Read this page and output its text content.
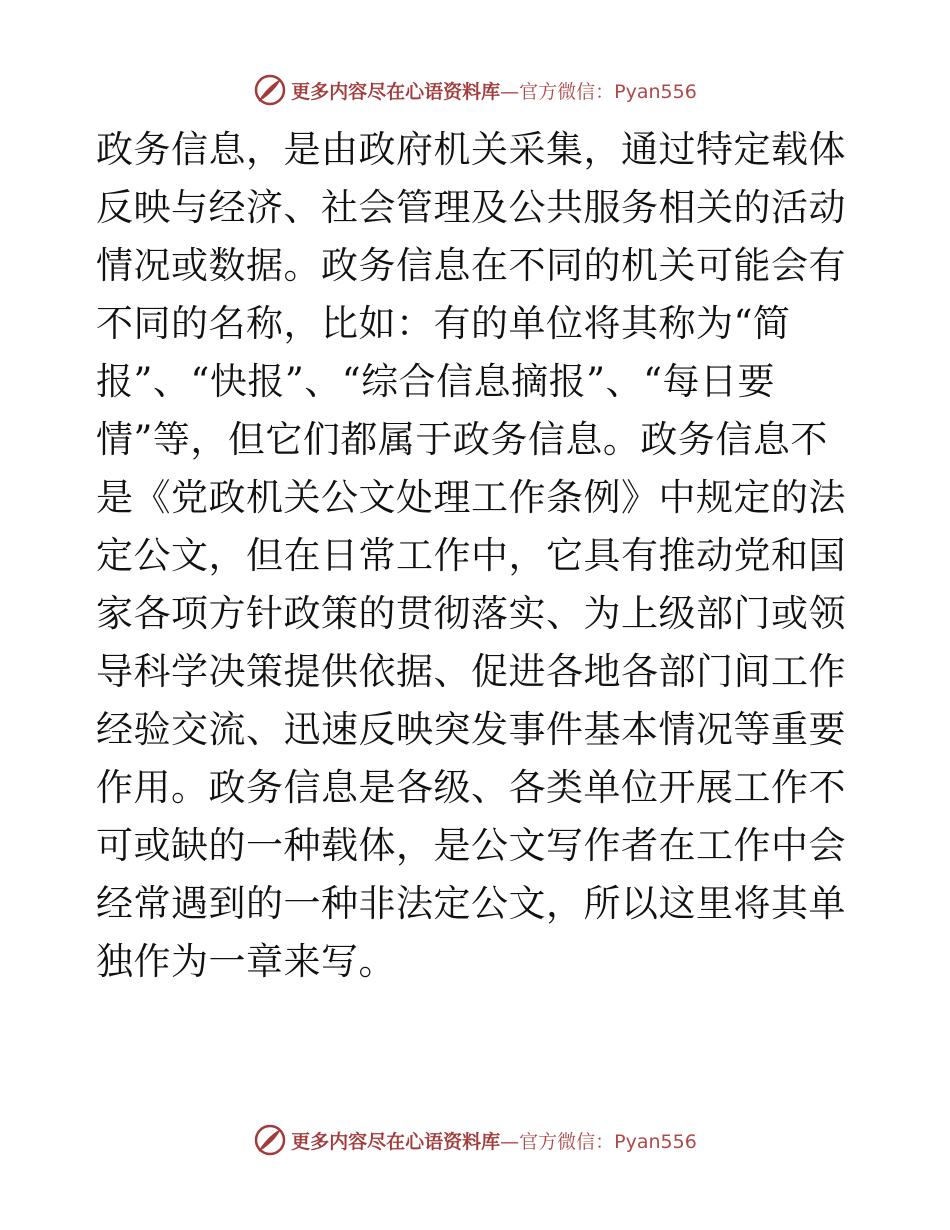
更多内容尽在心语资料库 —官方微信：Pyan556

政务信息，是由政府机关采集，通过特定载体反映与经济、社会管理及公共服务相关的活动情况或数据。政务信息在不同的机关可能会有不同的名称，比如：有的单位将其称为“简报”、“快报”、“综合信息摘报”、“每日要情”等，但它们都属于政务信息。政务信息不是《党政机关公文处理工作条例》中规定的法定公文，但在日常工作中，它具有推动党和国家各项方针政策的贯彻落实、为上级部门或领导科学决策提供依据、促进各地各部门间工作经验交流、迅速反映突发事件基本情况等重要作用。政务信息是各级、各类单位开展工作不可或缺的一种载体，是公文写作者在工作中会经常遇到的一种非法定公文，所以这里将其单独作为一章来写。

更多内容尽在心语资料库 —官方微信：Pyan556
